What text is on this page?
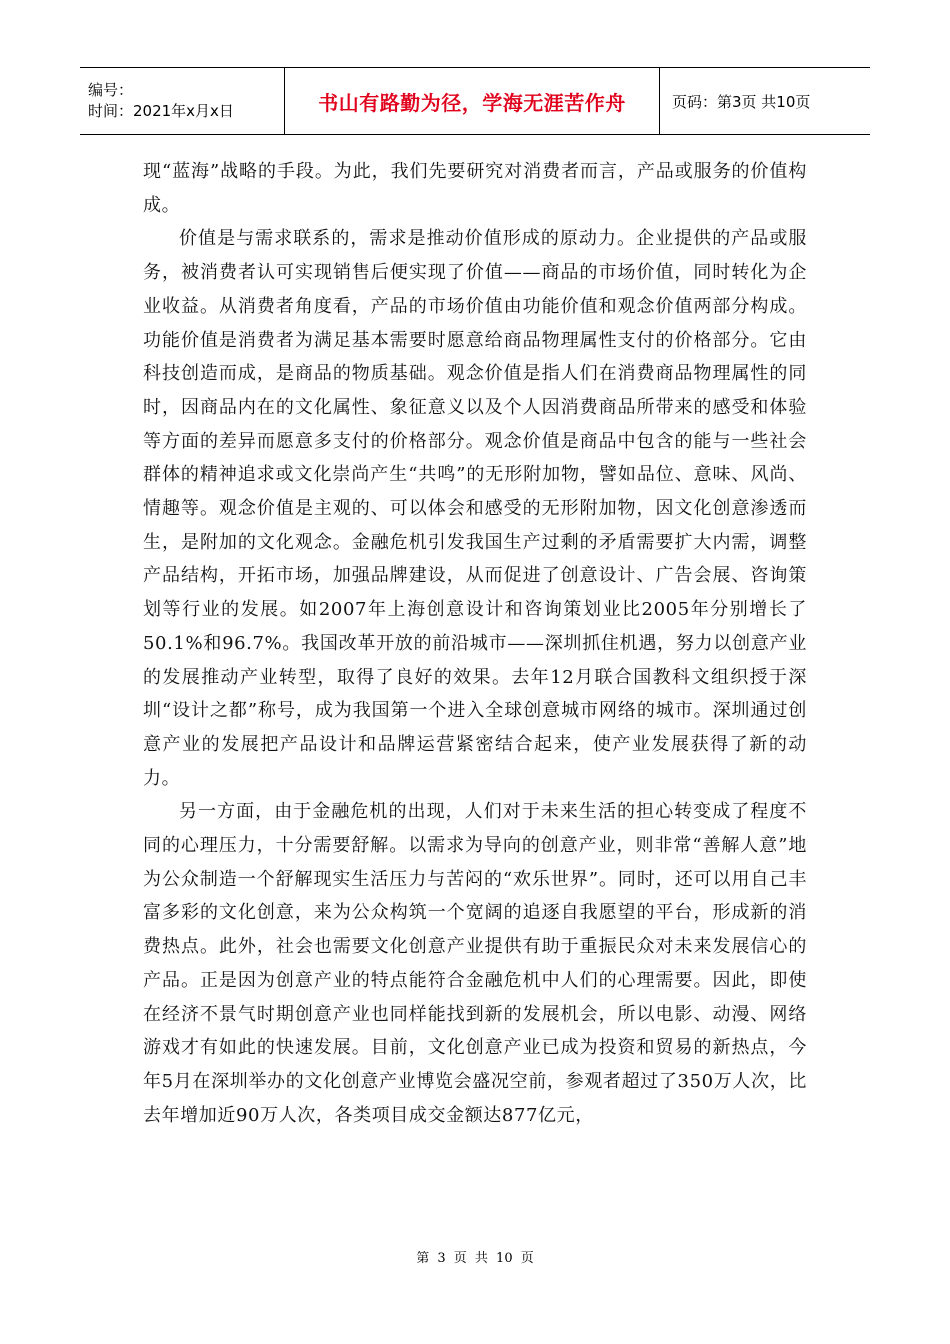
编号：
时间：2021年x月x日	书山有路勤为径，学海无涯苦作舟	页码：第3页 共10页

现“蓝海”战略的手段。为此，我们先要研究对消费者而言，产品或服务的价值构成。

价值是与需求联系的，需求是推动价值形成的原动力。企业提供的产品或服务，被消费者认可实现销售后便实现了价值——商品的市场价值，同时转化为企业收益。从消费者角度看，产品的市场价值由功能价值和观念价值两部分构成。功能价值是消费者为满足基本需要时愿意给商品物理属性支付的价格部分。它由科技创造而成，是商品的物质基础。观念价值是指人们在消费商品物理属性的同时，因商品内在的文化属性、象征意义以及个人因消费商品所带来的感受和体验等方面的差异而愿意多支付的价格部分。观念价值是商品中包含的能与一些社会群体的精神追求或文化崇尚产生“共鸣”的无形附加物，譬如品位、意味、风尚、情趣等。观念价值是主观的、可以体会和感受的无形附加物，因文化创意渗透而生，是附加的文化观念。金融危机引发我国生产过剩的矛盾需要扩大内需，调整产品结构，开拓市场，加强品牌建设，从而促进了创意设计、广告会展、咨询策划等行业的发展。如2007年上海创意设计和咨询策划业比2005年分别增长了50.1%和96.7%。我国改革开放的前沿城市——深圳抓住机遇，努力以创意产业的发展推动产业转型，取得了良好的效果。去年12月联合国教科文组织授于深圳“设计之都”称号，成为我国第一个进入全球创意城市网络的城市。深圳通过创意产业的发展把产品设计和品牌运营紧密结合起来，使产业发展获得了新的动力。

另一方面，由于金融危机的出现，人们对于未来生活的担心转变成了程度不同的心理压力，十分需要舒解。以需求为导向的创意产业，则非常“善解人意”地为公众制造一个舒解现实生活压力与苦闷的“欢乐世界”。同时，还可以用自己丰富多彩的文化创意，来为公众构筑一个宽阔的追逐自我愿望的平台，形成新的消费热点。此外，社会也需要文化创意产业提供有助于重振民众对未来发展信心的产品。正是因为创意产业的特点能符合金融危机中人们的心理需要。因此，即使在经济不景气时期创意产业也同样能找到新的发展机会，所以电影、动漫、网络游戏才有如此的快速发展。目前，文化创意产业已成为投资和贸易的新热点，今年5月在深圳举办的文化创意产业博览会盛况空前，参观者超过了350万人次，比去年增加近90万人次，各类项目成交金额达877亿元，

第 3 页 共 10 页
